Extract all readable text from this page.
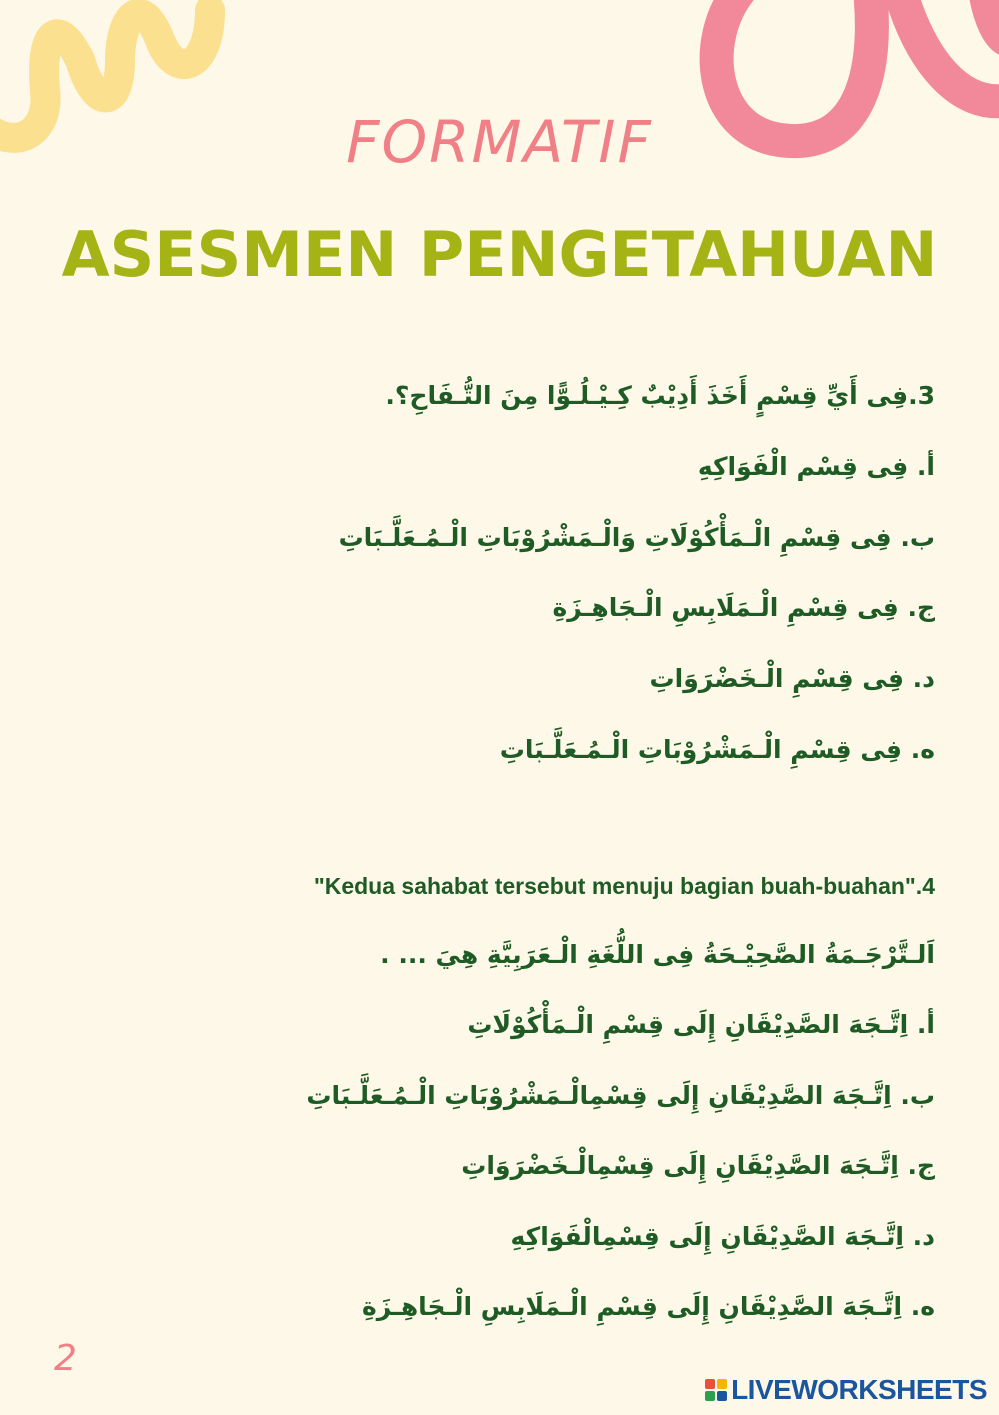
FORMATIF
ASESMEN PENGETAHUAN
3.فِى أَيِّ قِسْمٍ أَخَذَ أَدِيْبٌ كِـيْـلُـوًّا مِنَ التُّـفَاحِ؟.
أ. فِى قِسْم الْفَوَاكِهِ
ب. فِى قِسْمِ الْـمَأْكُوْلَاتِ وَالْـمَشْرُوْبَاتِ الْـمُـعَلَّـبَاتِ
ج. فِى قِسْمِ الْـمَلَابِسِ الْـجَاهِـزَةِ
د. فِى قِسْمِ الْـخَضْرَوَاتِ
ه. فِى قِسْمِ الْـمَشْرُوْبَاتِ الْـمُـعَلَّـبَاتِ
"Kedua sahabat tersebut menuju bagian buah-buahan".4
اَلـتَّرْجَـمَةُ الصَّحِيْـحَةُ فِى اللُّغَةِ الْـعَرَبِيَّةِ هِيَ ... .
أ. اِتَّـجَهَ الصَّدِيْقَانِ إِلَى قِسْمِ الْـمَأْكُوْلَاتِ
ب. اِتَّـجَهَ الصَّدِيْقَانِ إِلَى قِسْمِالْـمَشْرُوْبَاتِ الْـمُـعَلَّـبَاتِ
ج. اِتَّـجَهَ الصَّدِيْقَانِ إِلَى قِسْمِالْـخَضْرَوَاتِ
د. اِتَّـجَهَ الصَّدِيْقَانِ إِلَى قِسْمِالْفَوَاكِهِ
ه. اِتَّـجَهَ الصَّدِيْقَانِ إِلَى قِسْمِ الْـمَلَابِسِ الْـجَاهِـزَةِ
2
LIVEWORKSHEETS
